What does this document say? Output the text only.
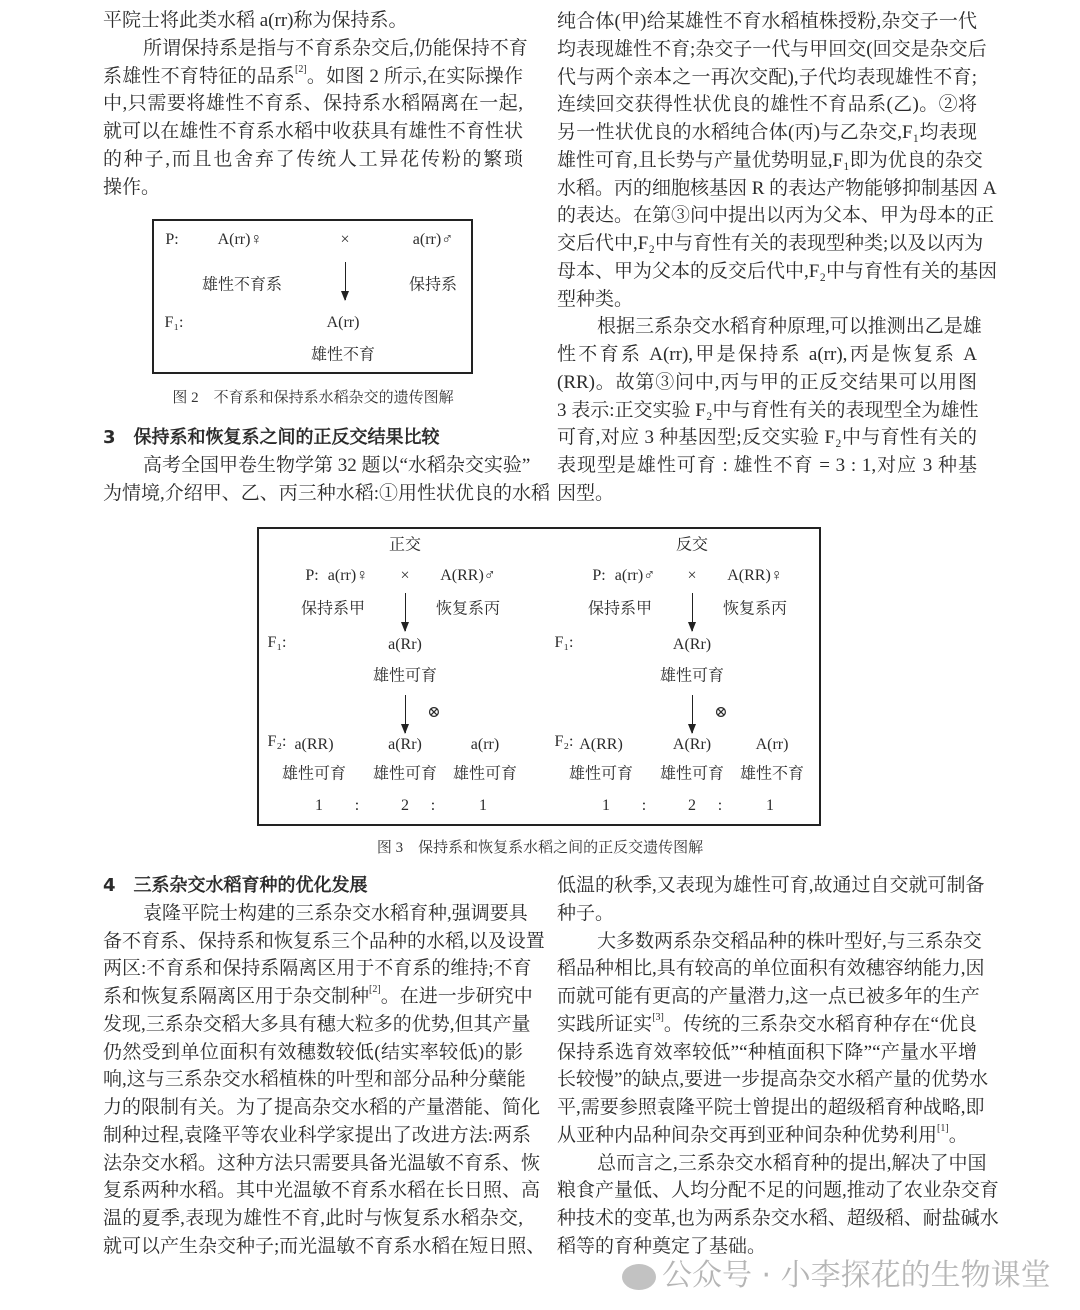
平院士将此类水稻 a(rr)称为保持系。
所谓保持系是指与不育系杂交后,仍能保持不育
系雄性不育特征的品系[2]。如图 2 所示,在实际操作
中,只需要将雄性不育系、保持系水稻隔离在一起,
就可以在雄性不育系水稻中收获具有雄性不育性状
的种子,而且也舍弃了传统人工异花传粉的繁琐
操作。
P: A(rr)♀	×	a(rr)♂
雄性不育系	保持系
F₁:	A(rr)
雄性不育
图 2　不育系和保持系水稻杂交的遗传图解
3　保持系和恢复系之间的正反交结果比较
高考全国甲卷生物学第 32 题以“水稻杂交实验”
为情境,介绍甲、乙、丙三种水稻:①用性状优良的水稻
纯合体(甲)给某雄性不育水稻植株授粉,杂交子一代
均表现雄性不育;杂交子一代与甲回交(回交是杂交后
代与两个亲本之一再次交配),子代均表现雄性不育;
连续回交获得性状优良的雄性不育品系(乙)。②将
另一性状优良的水稻纯合体(丙)与乙杂交,F₁均表现
雄性可育,且长势与产量优势明显,F₁即为优良的杂交
水稻。丙的细胞核基因 R 的表达产物能够抑制基因 A
的表达。在第③问中提出以丙为父本、甲为母本的正
交后代中,F₂中与育性有关的表现型种类;以及以丙为
母本、甲为父本的反交后代中,F₂中与育性有关的基因
型种类。
根据三系杂交水稻育种原理,可以推测出乙是雄
性不育系 A(rr),甲是保持系 a(rr),丙是恢复系 A
(RR)。故第③问中,丙与甲的正反交结果可以用图
3 表示:正交实验 F₂中与育性有关的表现型全为雄性
可育,对应 3 种基因型;反交实验 F₂中与育性有关的
表现型是雄性可育 : 雄性不育 = 3 : 1,对应 3 种基
因型。
正交
P: a(rr)♀ × A(RR)♂
保持系甲	恢复系丙
F₁:	a(Rr)
雄性可育
⊗
F₂: a(RR)
雄性可育
a(Rr)
雄性可育
a(rr)
雄性可育
1 :	2 :	1
反交
P: a(rr)♂ × A(RR)♀
保持系甲	恢复系丙
F₁:	A(Rr)
雄性可育
⊗
F₂: A(RR)
雄性可育
A(Rr)
雄性可育
A(rr)
雄性不育
1 :	2 :	1
图 3　保持系和恢复系水稻之间的正反交遗传图解
4　三系杂交水稻育种的优化发展
袁隆平院士构建的三系杂交水稻育种,强调要具
备不育系、保持系和恢复系三个品种的水稻,以及设置
两区:不育系和保持系隔离区用于不育系的维持;不育
系和恢复系隔离区用于杂交制种[2]。在进一步研究中
发现,三系杂交稻大多具有穗大粒多的优势,但其产量
仍然受到单位面积有效穗数较低(结实率较低)的影
响,这与三系杂交水稻植株的叶型和部分品种分蘖能
力的限制有关。为了提高杂交水稻的产量潜能、简化
制种过程,袁隆平等农业科学家提出了改进方法:两系
法杂交水稻。这种方法只需要具备光温敏不育系、恢
复系两种水稻。其中光温敏不育系水稻在长日照、高
温的夏季,表现为雄性不育,此时与恢复系水稻杂交,
就可以产生杂交种子;而光温敏不育系水稻在短日照、
低温的秋季,又表现为雄性可育,故通过自交就可制备
种子。
大多数两系杂交稻品种的株叶型好,与三系杂交
稻品种相比,具有较高的单位面积有效穗容纳能力,因
而就可能有更高的产量潜力,这一点已被多年的生产
实践所证实[3]。传统的三系杂交水稻育种存在“优良
保持系选育效率较低”“种植面积下降”“产量水平增
长较慢”的缺点,要进一步提高杂交水稻产量的优势水
平,需要参照袁隆平院士曾提出的超级稻育种战略,即
从亚种内品种间杂交再到亚种间杂种优势利用[1]。
总而言之,三系杂交水稻育种的提出,解决了中国
粮食产量低、人均分配不足的问题,推动了农业杂交育
种技术的变革,也为两系杂交水稻、超级稻、耐盐碱水
稻等的育种奠定了基础。
公众号 · 小李探花的生物课堂
